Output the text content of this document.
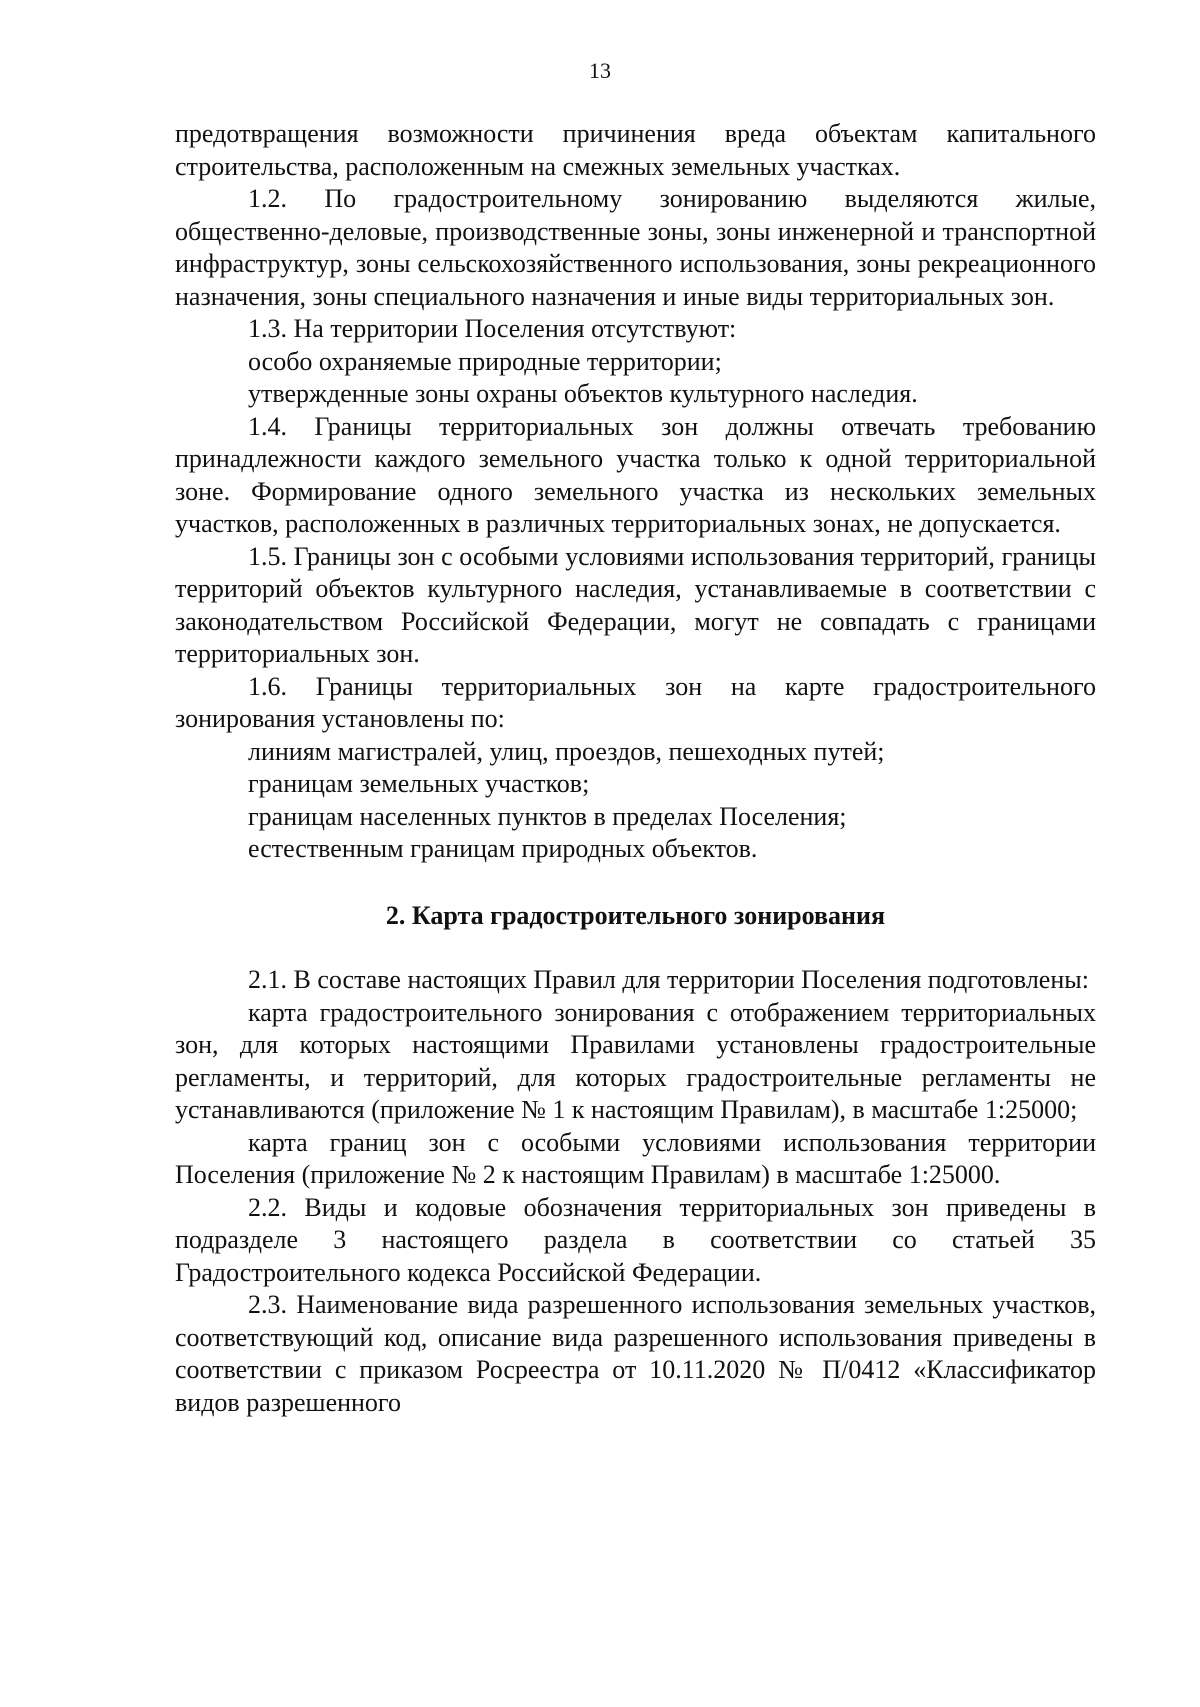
13

предотвращения возможности причинения вреда объектам капитального строительства, расположенным на смежных земельных участках.

1.2. По градостроительному зонированию выделяются жилые, общественно-деловые, производственные зоны, зоны инженерной и транспортной инфраструктур, зоны сельскохозяйственного использования, зоны рекреационного назначения, зоны специального назначения и иные виды территориальных зон.

1.3. На территории Поселения отсутствуют:

особо охраняемые природные территории;

утвержденные зоны охраны объектов культурного наследия.

1.4. Границы территориальных зон должны отвечать требованию принадлежности каждого земельного участка только к одной территориальной зоне. Формирование одного земельного участка из нескольких земельных участков, расположенных в различных территориальных зонах, не допускается.

1.5. Границы зон с особыми условиями использования территорий, границы территорий объектов культурного наследия, устанавливаемые в соответствии с законодательством Российской Федерации, могут не совпадать с границами территориальных зон.

1.6. Границы территориальных зон на карте градостроительного зонирования установлены по:

линиям магистралей, улиц, проездов, пешеходных путей;

границам земельных участков;

границам населенных пунктов в пределах Поселения;

естественным границам природных объектов.

2. Карта градостроительного зонирования

2.1. В составе настоящих Правил для территории Поселения подготовлены:

карта градостроительного зонирования с отображением территориальных зон, для которых настоящими Правилами установлены градостроительные регламенты, и территорий, для которых градостроительные регламенты не устанавливаются (приложение № 1 к настоящим Правилам), в масштабе 1:25000;

карта границ зон с особыми условиями использования территории Поселения (приложение № 2 к настоящим Правилам) в масштабе 1:25000.

2.2. Виды и кодовые обозначения территориальных зон приведены в подразделе 3 настоящего раздела в соответствии со статьей 35 Градостроительного кодекса Российской Федерации.

2.3. Наименование вида разрешенного использования земельных участков, соответствующий код, описание вида разрешенного использования приведены в соответствии с приказом Росреестра от 10.11.2020 № П/0412 «Классификатор видов разрешенного
